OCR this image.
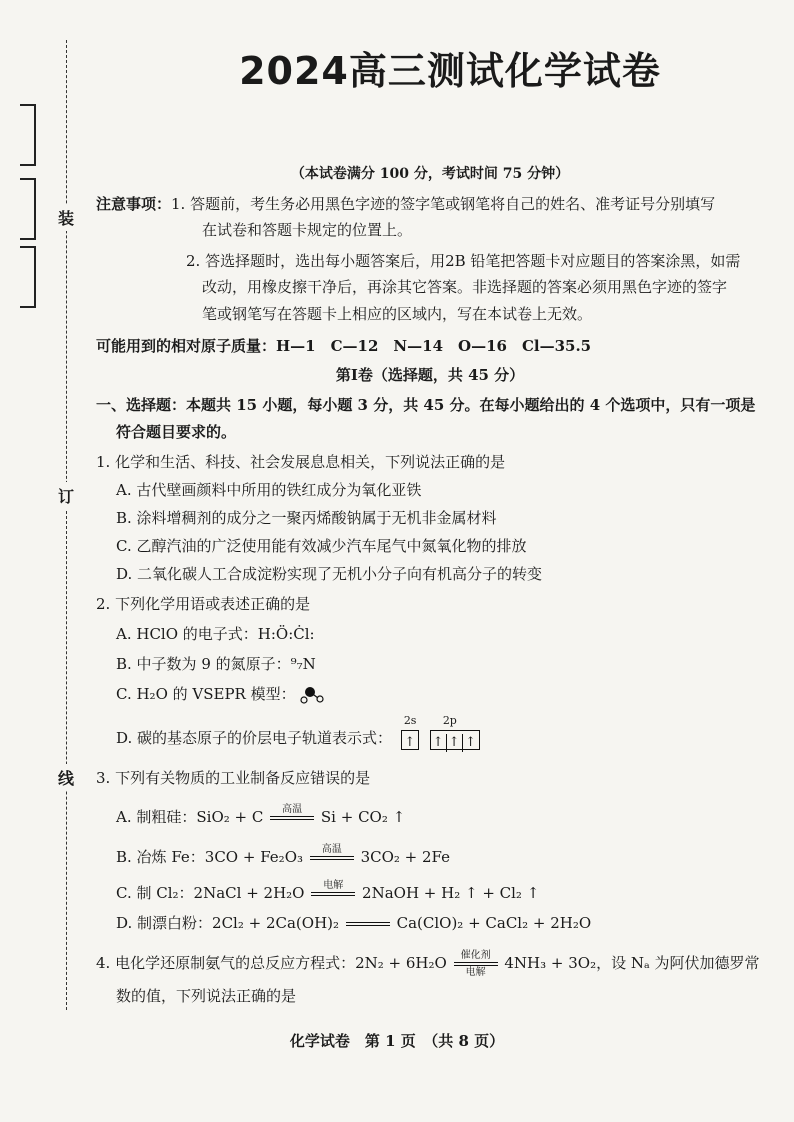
装
订
线
2024高三测试化学试卷
（本试卷满分 100 分，考试时间 75 分钟）
注意事项：1. 答题前，考生务必用黑色字迹的签字笔或钢笔将自己的姓名、准考证号分别填写
在试卷和答题卡规定的位置上。
2. 答选择题时，选出每小题答案后，用2B 铅笔把答题卡对应题目的答案涂黑，如需
改动，用橡皮擦干净后，再涂其它答案。非选择题的答案必须用黑色字迹的签字
笔或钢笔写在答题卡上相应的区域内，写在本试卷上无效。
可能用到的相对原子质量：H—1　C—12　N—14　O—16　Cl—35.5
第Ⅰ卷（选择题，共 45 分）
一、选择题：本题共 15 小题，每小题 3 分，共 45 分。在每小题给出的 4 个选项中，只有一项是
符合题目要求的。
1. 化学和生活、科技、社会发展息息相关，下列说法正确的是
A. 古代壁画颜料中所用的铁红成分为氧化亚铁
B. 涂料增稠剂的成分之一聚丙烯酸钠属于无机非金属材料
C. 乙醇汽油的广泛使用能有效减少汽车尾气中氮氧化物的排放
D. 二氧化碳人工合成淀粉实现了无机小分子向有机高分子的转变
2. 下列化学用语或表述正确的是
A. HClO 的电子式：H:Ö:Ċl:
B. 中子数为 9 的氮原子：⁹₇N
C. H₂O 的 VSEPR 模型：
D. 碳的基态原子的价层电子轨道表示式：
2s 2p
↑ ↑ ↑ ↑
3. 下列有关物质的工业制备反应错误的是
A. 制粗硅：SiO₂ + C	高温
	Si + CO₂ ↑
B. 冶炼 Fe：3CO + Fe₂O₃	高温
	3CO₂ + 2Fe
C. 制 Cl₂：2NaCl + 2H₂O	电解
	2NaOH + H₂ ↑ + Cl₂ ↑
D. 制漂白粉：2Cl₂ + 2Ca(OH)₂

	Ca(ClO)₂ + CaCl₂ + 2H₂O
4. 电化学还原制氨气的总反应方程式：$2N_2 + 6H_2O \frac{\text{催化剂}}{\text{电解}} 4NH_3 + 3O_2$，设 Nₐ 为阿伏加德罗常
数的值，下列说法正确的是
化学试卷　第 1 页　（共 8 页）
